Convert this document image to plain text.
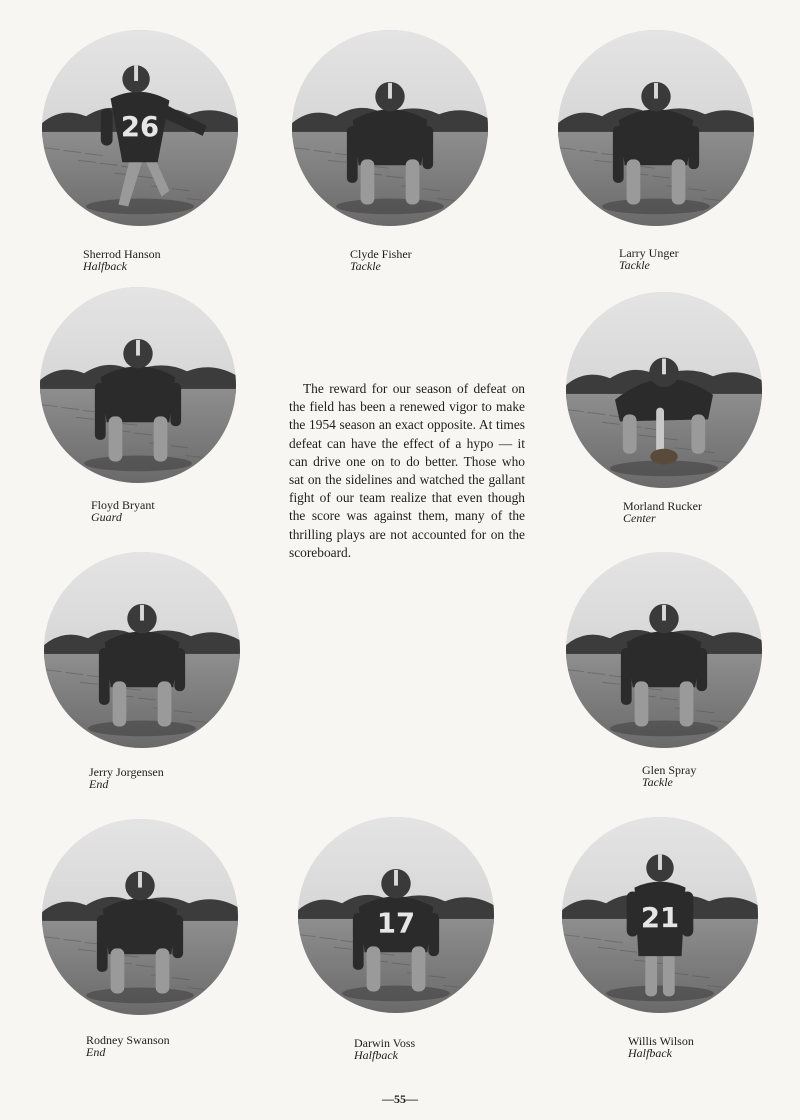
26
Sherrod Hanson
Halfback
Clyde Fisher
Tackle
Larry Unger
Tackle
Floyd Bryant
Guard
Morland Rucker
Center
Jerry Jorgensen
End
Glen Spray
Tackle
Rodney Swanson
End
17
Darwin Voss
Halfback
21
Willis Wilson
Halfback

The reward for our season of defeat on the field has been a renewed vigor to make the 1954 season an exact opposite. At times defeat can have the effect of a hypo — it can drive one on to do better. Those who sat on the sidelines and watched the gallant fight of our team realize that even though the score was against them, many of the thrilling plays are not accounted for on the scoreboard.

—55—
